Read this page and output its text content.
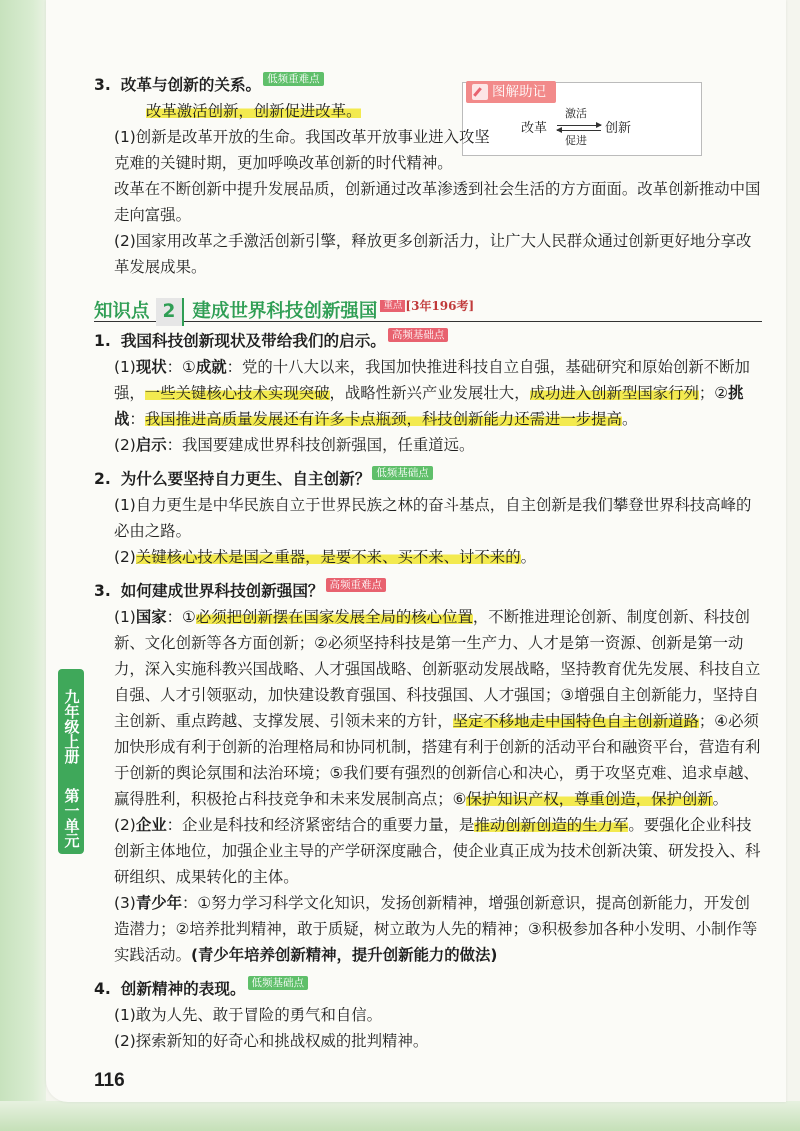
图解助记
改革
激活
促进
创新
3. 改革与创新的关系。 低频重难点
改革激活创新，创新促进改革。
(1)创新是改革开放的生命。我国改革开放事业进入攻坚克难的关键时期，更加呼唤改革创新的时代精神。
改革在不断创新中提升发展品质，创新通过改革渗透到社会生活的方方面面。改革创新推动中国走向富强。
(2)国家用改革之手激活创新引擎，释放更多创新活力，让广大人民群众通过创新更好地分享改革发展成果。
知识点 2 建成世界科技创新强国 重点 [3年196考]
1. 我国科技创新现状及带给我们的启示。 高频基础点
(1)现状：①成就：党的十八大以来，我国加快推进科技自立自强，基础研究和原始创新不断加强，一些关键核心技术实现突破，战略性新兴产业发展壮大，成功进入创新型国家行列；②挑战：我国推进高质量发展还有许多卡点瓶颈，科技创新能力还需进一步提高。
(2)启示：我国要建成世界科技创新强国，任重道远。
2. 为什么要坚持自力更生、自主创新？ 低频基础点
(1)自力更生是中华民族自立于世界民族之林的奋斗基点，自主创新是我们攀登世界科技高峰的必由之路。
(2)关键核心技术是国之重器，是要不来、买不来、讨不来的。
3. 如何建成世界科技创新强国？ 高频重难点
(1)国家：①必须把创新摆在国家发展全局的核心位置，不断推进理论创新、制度创新、科技创新、文化创新等各方面创新；②必须坚持科技是第一生产力、人才是第一资源、创新是第一动力，深入实施科教兴国战略、人才强国战略、创新驱动发展战略，坚持教育优先发展、科技自立自强、人才引领驱动，加快建设教育强国、科技强国、人才强国；③增强自主创新能力，坚持自主创新、重点跨越、支撑发展、引领未来的方针，坚定不移地走中国特色自主创新道路；④必须加快形成有利于创新的治理格局和协同机制，搭建有利于创新的活动平台和融资平台，营造有利于创新的舆论氛围和法治环境；⑤我们要有强烈的创新信心和决心，勇于攻坚克难、追求卓越、赢得胜利，积极抢占科技竞争和未来发展制高点；⑥保护知识产权，尊重创造，保护创新。
(2)企业：企业是科技和经济紧密结合的重要力量，是推动创新创造的生力军。要强化企业科技创新主体地位，加强企业主导的产学研深度融合，使企业真正成为技术创新决策、研发投入、科研组织、成果转化的主体。
(3)青少年：①努力学习科学文化知识，发扬创新精神，增强创新意识，提高创新能力，开发创造潜力；②培养批判精神，敢于质疑，树立敢为人先的精神；③积极参加各种小发明、小制作等实践活动。(青少年培养创新精神，提升创新能力的做法)
4. 创新精神的表现。 低频基础点
(1)敢为人先、敢于冒险的勇气和自信。
(2)探索新知的好奇心和挑战权威的批判精神。
九年级上册
第一单元
116
